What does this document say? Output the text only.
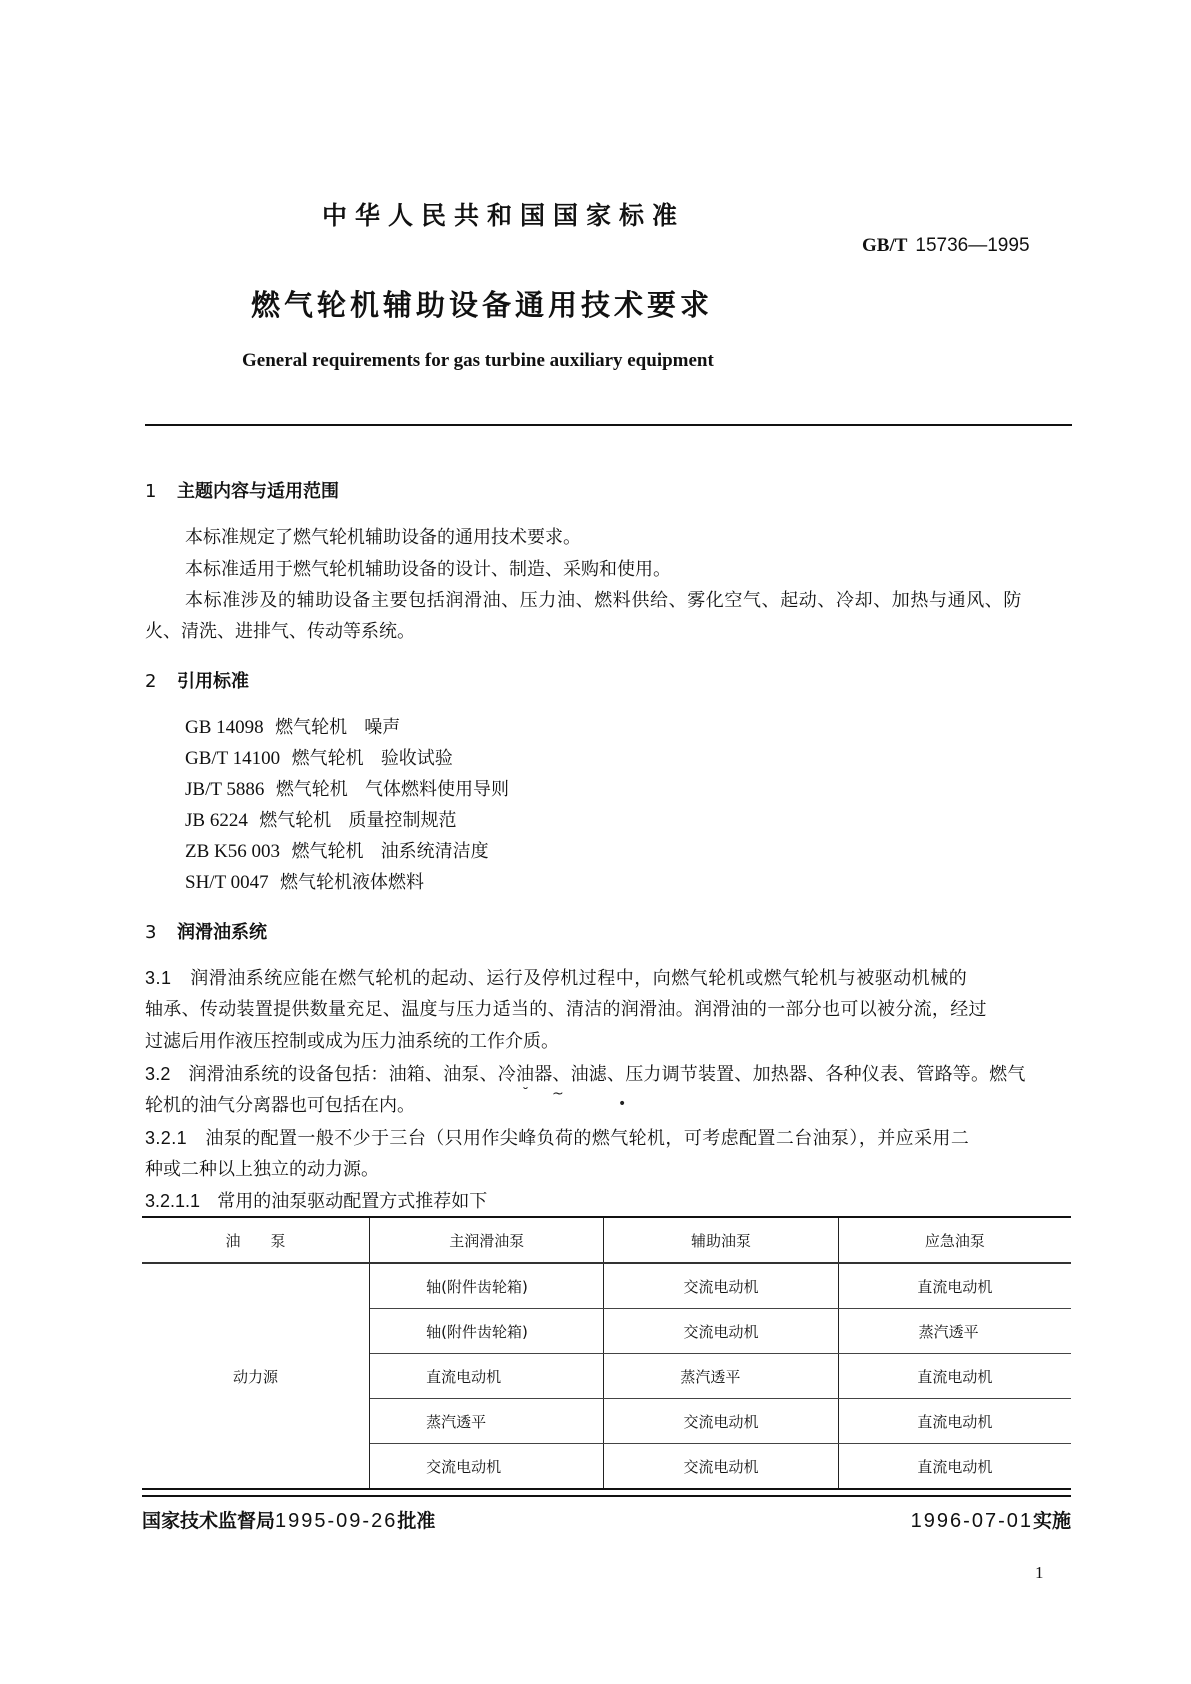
中华人民共和国国家标准
GB/T 15736—1995
燃气轮机辅助设备通用技术要求
General requirements for gas turbine auxiliary equipment
1 主题内容与适用范围
本标准规定了燃气轮机辅助设备的通用技术要求。
本标准适用于燃气轮机辅助设备的设计、制造、采购和使用。
本标准涉及的辅助设备主要包括润滑油、压力油、燃料供给、雾化空气、起动、冷却、加热与通风、防
火、清洗、进排气、传动等系统。
2 引用标准
GB 14098 燃气轮机 噪声
GB/T 14100 燃气轮机 验收试验
JB/T 5886 燃气轮机 气体燃料使用导则
JB 6224 燃气轮机 质量控制规范
ZB K56 003 燃气轮机 油系统清洁度
SH/T 0047 燃气轮机液体燃料
3 润滑油系统
3.1 润滑油系统应能在燃气轮机的起动、运行及停机过程中，向燃气轮机或燃气轮机与被驱动机械的
轴承、传动装置提供数量充足、温度与压力适当的、清洁的润滑油。润滑油的一部分也可以被分流，经过
过滤后用作液压控制或成为压力油系统的工作介质。
3.2 润滑油系统的设备包括：油箱、油泵、冷油器、油滤、压力调节装置、加热器、各种仪表、管路等。燃气
轮机的油气分离器也可包括在内。
˘ ~
•
3.2.1 油泵的配置一般不少于三台（只用作尖峰负荷的燃气轮机，可考虑配置二台油泵），并应采用二
种或二种以上独立的动力源。
3.2.1.1 常用的油泵驱动配置方式推荐如下
油　　泵	主润滑油泵	辅助油泵	应急油泵
动力源	轴(附件齿轮箱)	交流电动机	直流电动机
	轴(附件齿轮箱)	交流电动机	蒸汽透平
	直流电动机	蒸汽透平	直流电动机
	蒸汽透平	交流电动机	直流电动机
	交流电动机	交流电动机	直流电动机
国家技术监督局1995-09-26批准	1996-07-01实施
1
